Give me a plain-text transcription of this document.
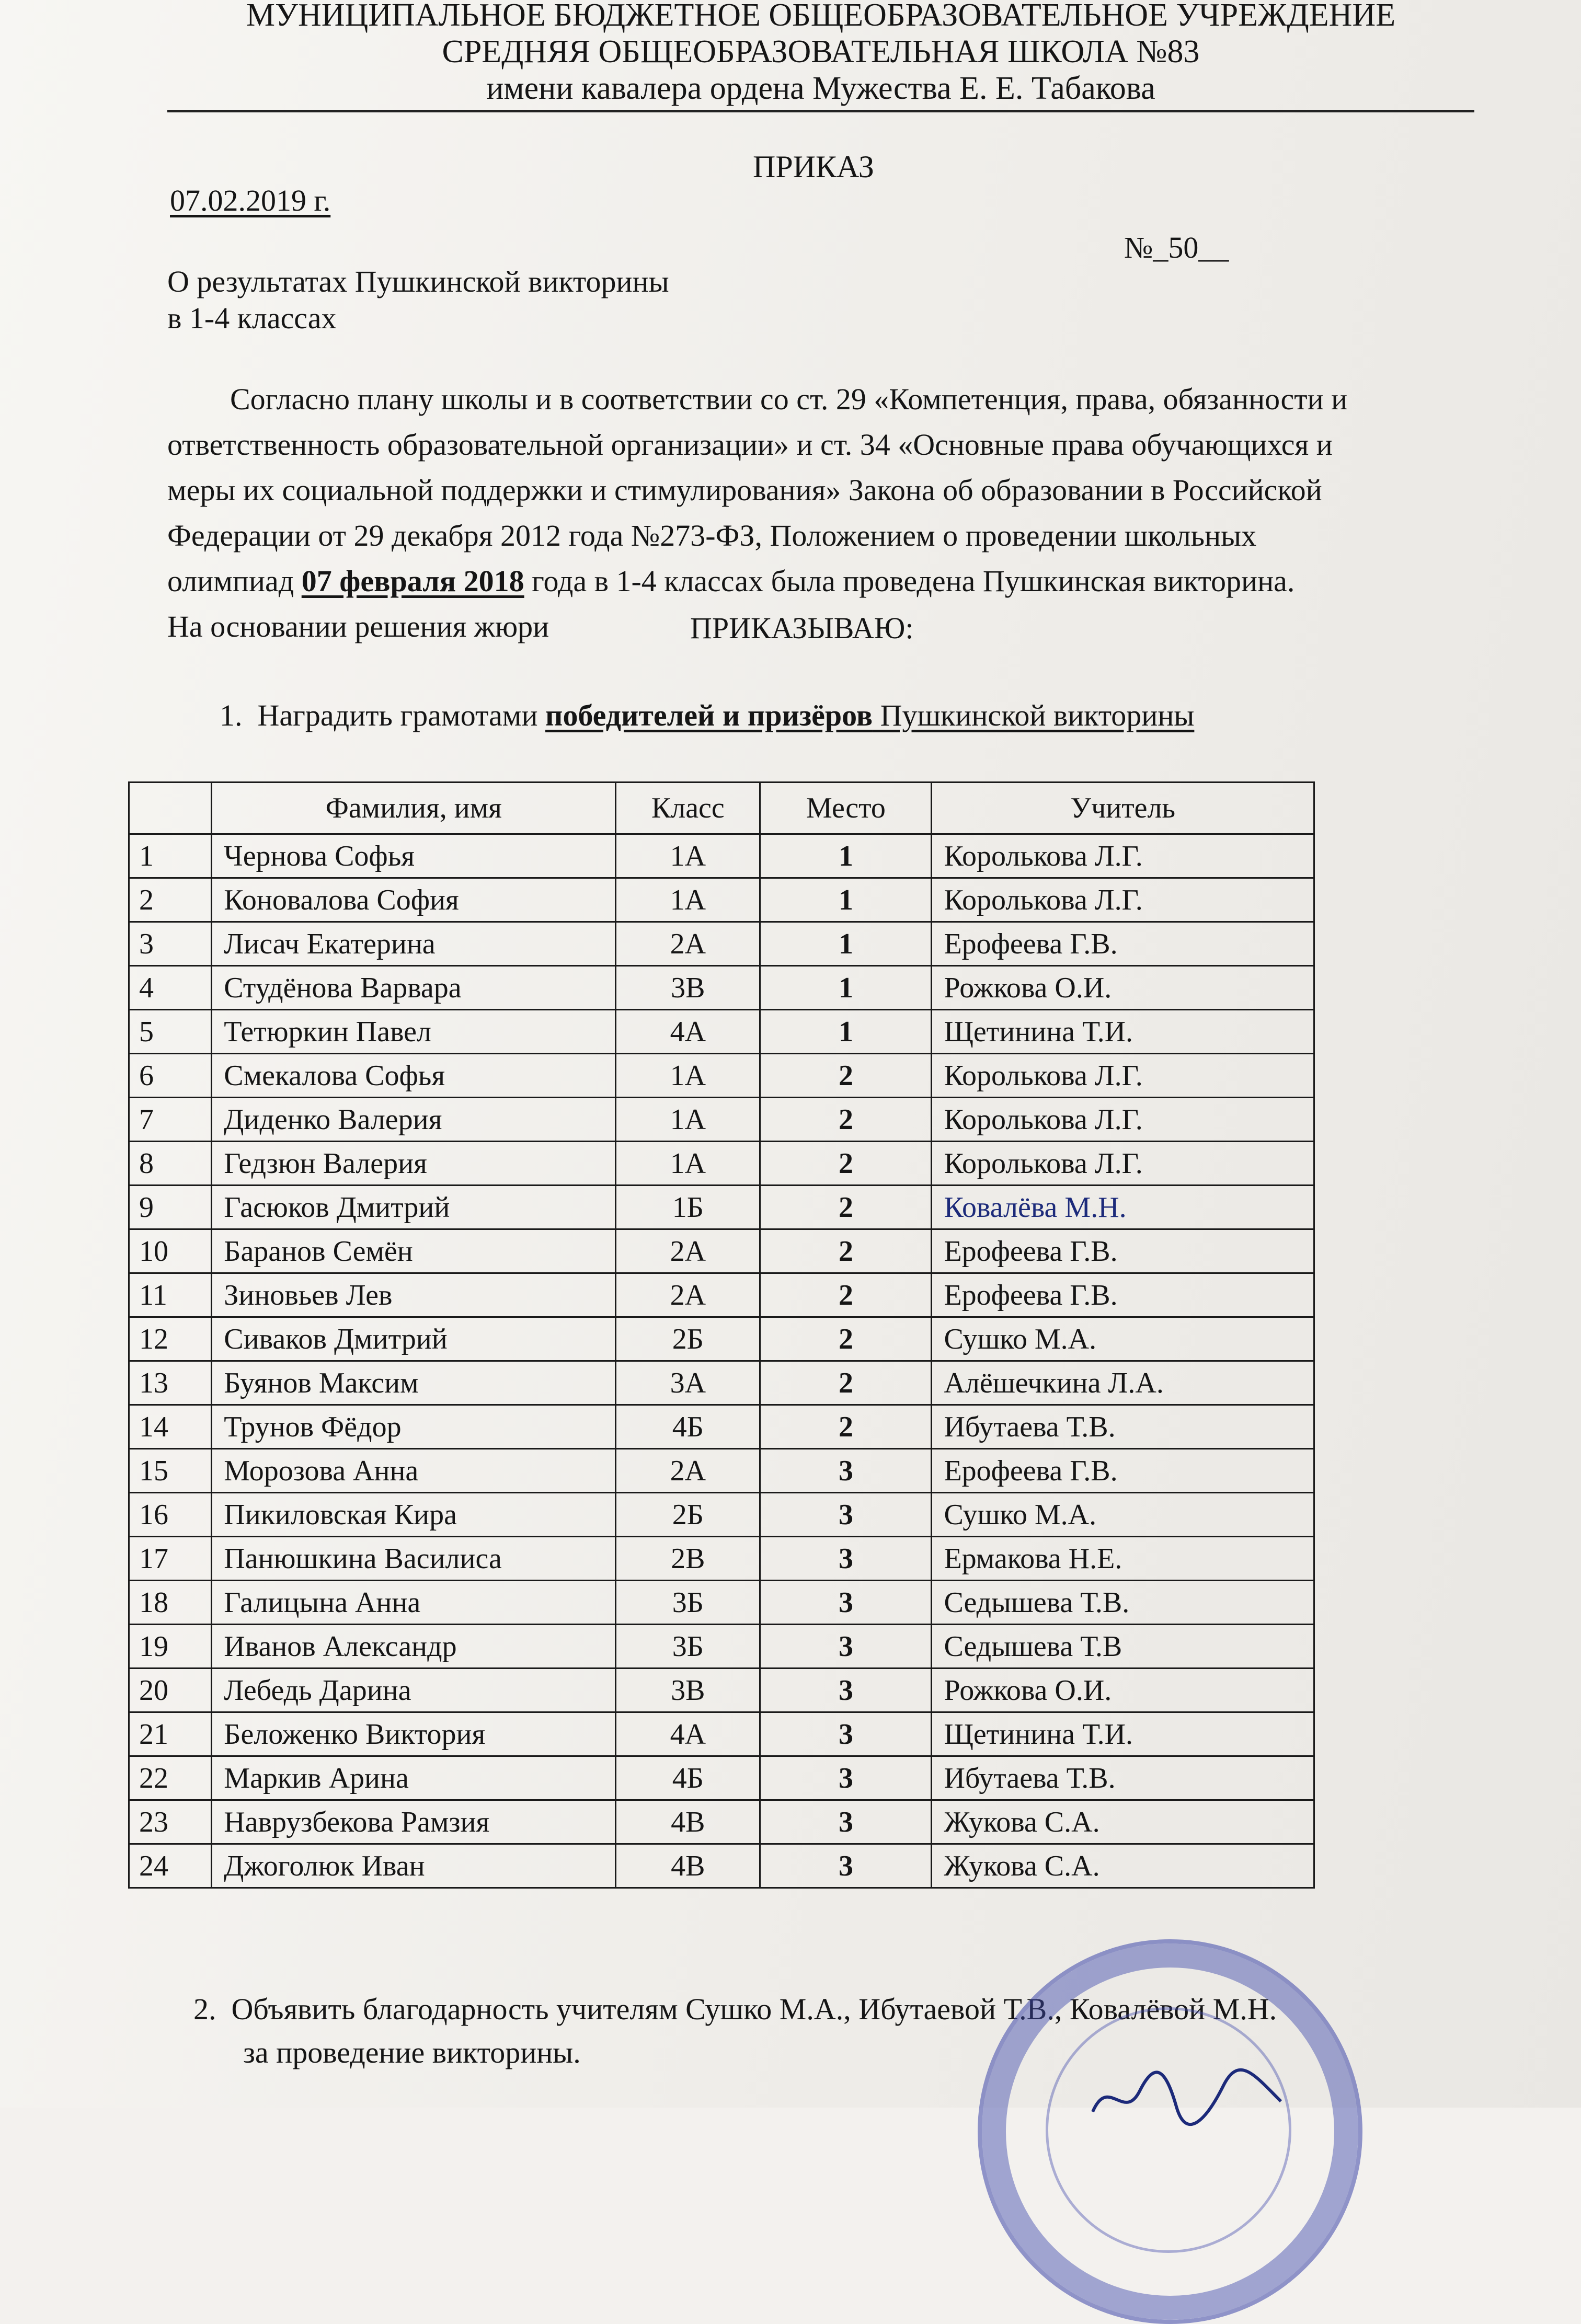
МУНИЦИПАЛЬНОЕ БЮДЖЕТНОЕ ОБЩЕОБРАЗОВАТЕЛЬНОЕ УЧРЕЖДЕНИЕ
СРЕДНЯЯ ОБЩЕОБРАЗОВАТЕЛЬНАЯ ШКОЛА №83
имени кавалера ордена Мужества Е. Е. Табакова
ПРИКАЗ
07.02.2019 г.
№_50__
О результатах Пушкинской викторины
в 1-4 классах

Согласно плану школы и в соответствии со ст. 29 «Компетенция, права, обязанности и

ответственность образовательной организации» и ст. 34 «Основные права обучающихся и

меры их социальной поддержки и стимулирования» Закона об образовании в Российской

Федерации от 29 декабря 2012 года №273-ФЗ, Положением о проведении школьных

олимпиад 07 февраля 2018 года в 1-4 классах была проведена Пушкинская викторина.

На основании решения жюри	ПРИКАЗЫВАЮ:
1. Наградить грамотами победителей и призёров Пушкинской викторины
	Фамилия, имя	Класс	Место	Учитель
1	Чернова Софья	1А	1	Королькова Л.Г.
2	Коновалова София	1А	1	Королькова Л.Г.
3	Лисач Екатерина	2А	1	Ерофеева Г.В.
4	Студёнова Варвара	3В	1	Рожкова О.И.
5	Тетюркин Павел	4А	1	Щетинина Т.И.
6	Смекалова Софья	1А	2	Королькова Л.Г.
7	Диденко Валерия	1А	2	Королькова Л.Г.
8	Гедзюн Валерия	1А	2	Королькова Л.Г.
9	Гасюков Дмитрий	1Б	2	Ковалёва М.Н.
10	Баранов Семён	2А	2	Ерофеева Г.В.
11	Зиновьев Лев	2А	2	Ерофеева Г.В.
12	Сиваков Дмитрий	2Б	2	Сушко М.А.
13	Буянов Максим	3А	2	Алёшечкина Л.А.
14	Трунов Фёдор	4Б	2	Ибутаева Т.В.
15	Морозова Анна	2А	3	Ерофеева Г.В.
16	Пикиловская Кира	2Б	3	Сушко М.А.
17	Панюшкина Василиса	2В	3	Ермакова Н.Е.
18	Галицына Анна	3Б	3	Седышева Т.В.
19	Иванов Александр	3Б	3	Седышева Т.В
20	Лебедь Дарина	3В	3	Рожкова О.И.
21	Беложенко Виктория	4А	3	Щетинина Т.И.
22	Маркив Арина	4Б	3	Ибутаева Т.В.
23	Наврузбекова Рамзия	4В	3	Жукова С.А.
24	Джоголюк Иван	4В	3	Жукова С.А.
2. Объявить благодарность учителям Сушко М.А., Ибутаевой Т.В., Ковалёвой М.Н.
за проведение викторины.
